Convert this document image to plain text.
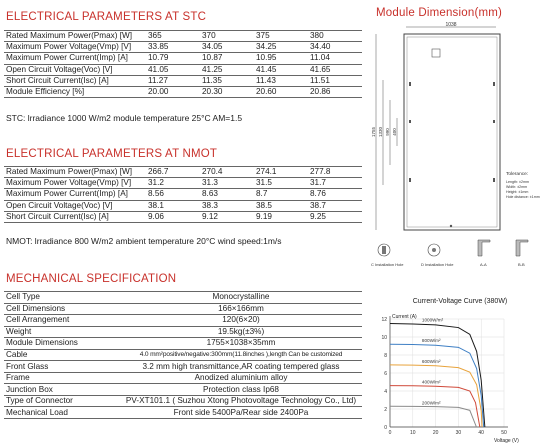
ELECTRICAL PARAMETERS AT STC
Rated Maximum Power(Pmax) [W]	365	370	375	380
Maximum Power Voltage(Vmp) [V]	33.85	34.05	34.25	34.40
Maximum Power Current(Imp) [A]	10.79	10.87	10.95	11.04
Open Circuit Voltage(Voc) [V]	41.05	41.25	41.45	41.65
Short Circuit Current(Isc) [A]	11.27	11.35	11.43	11.51
Module Efficiency [%]	20.00	20.30	20.60	20.86
STC: lrradiance 1000 W/m2 module temperature 25°C AM=1.5
ELECTRICAL PARAMETERS AT NMOT
Rated Maximum Power(Pmax) [W]	266.7	270.4	274.1	277.8
Maximum Power Voltage(Vmp) [V]	31.2	31.3	31.5	31.7
Maximum Power Current(Imp) [A]	8.56	8.63	8.7	8.76
Open Circuit Voltage(Voc) [V]	38.1	38.3	38.5	38.7
Short Circuit Current(Isc) [A]	9.06	9.12	9.19	9.25
NMOT: lrradiance 800 W/m2 ambient temperature 20°C wind speed:1m/s
MECHANICAL SPECIFICATION
Cell Type	Monocrystalline
Cell Dimensions	166×166mm
Cell Arrangement	120(6×20)
Weight	19.5kg(±3%)
Module Dimensions	1755×1038×35mm
Cable	4.0 mm²positive/negative:300mm(11.8inches ),length Can be customized
Front Glass	3.2 mm high transmittance,AR coating tempered glass
Frame	Anodized aluminium alloy
Junction Box	Protection class Ip68
Type of Connector	PV-XT101.1 ( Suzhou Xtong Photovoltage Technology Co., Ltd)
Mechanical Load	Front side 5400Pa/Rear side 2400Pa
Module Dimension(mm)
1038
1755 1330 990 400
Tolerance:
Length: ±2mm
Width: ±2mm
Height: ±1mm
Hole distance: ±1mm
C Installation Hole	D Installation Hole	A-A	B-B
Current-Voltage Curve (380W)
0
2
4
6
8
10
12
0	10	20	30	40	50
1000W/m²
800W/m²
600W/m²
400W/m²
200W/m²
Current (A)
Voltage (V)
